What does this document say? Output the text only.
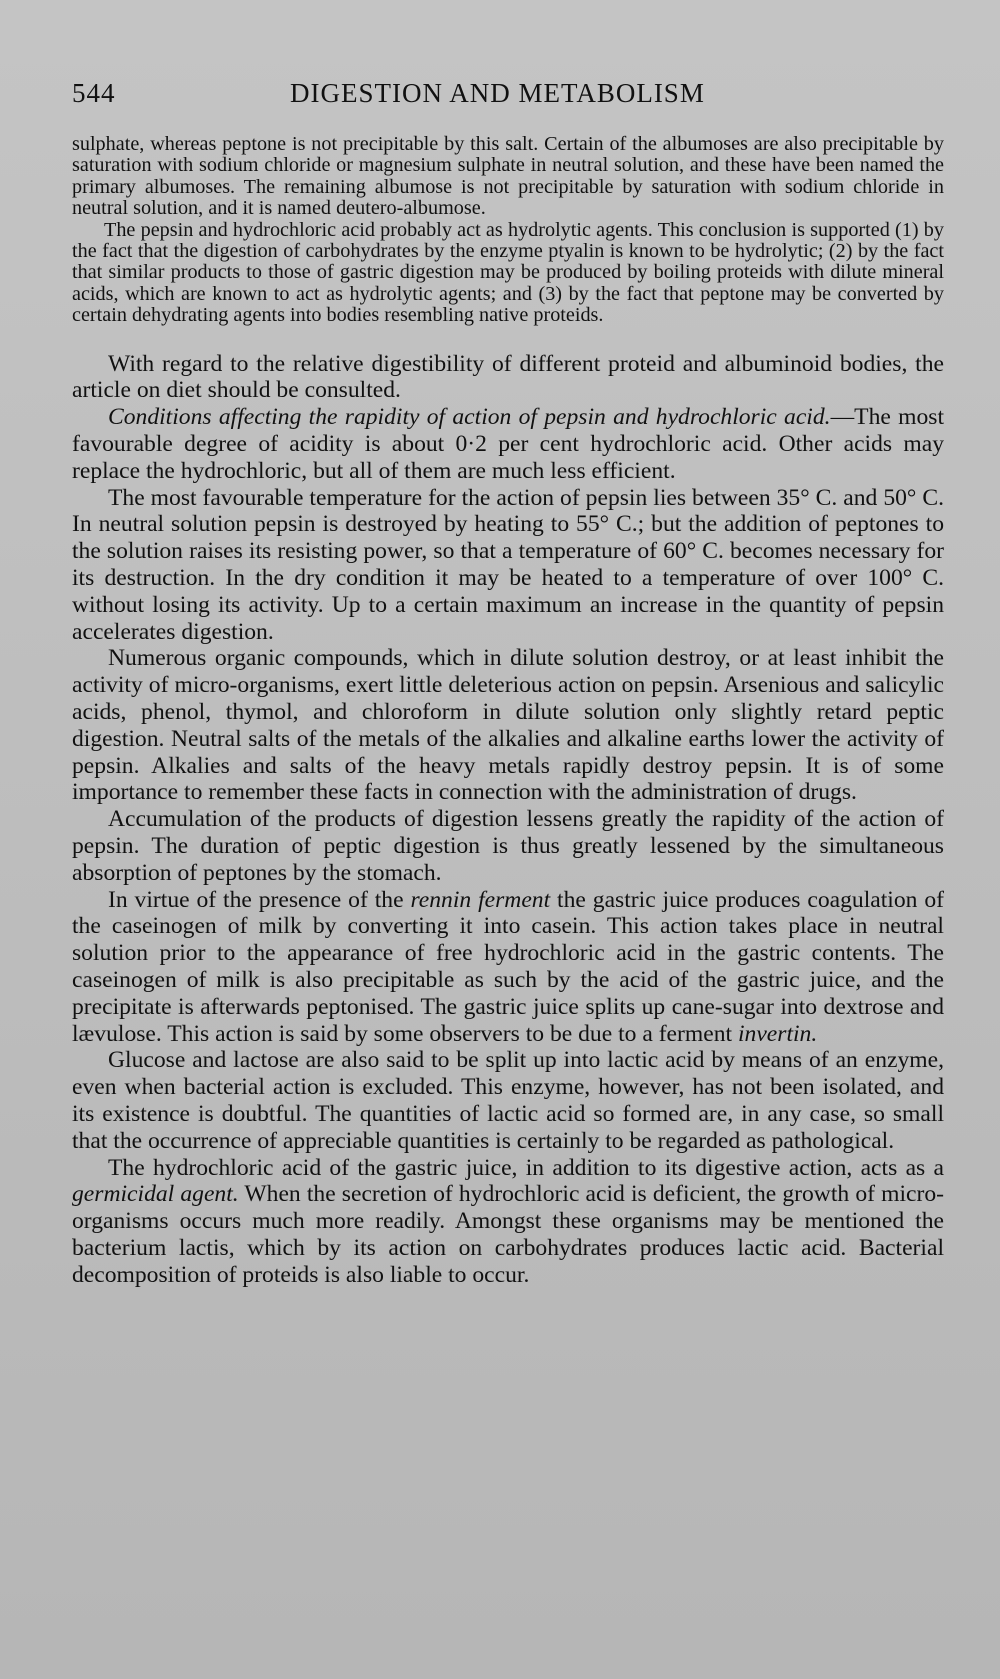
544	DIGESTION AND METABOLISM

sulphate, whereas peptone is not precipitable by this salt. Certain of the albumoses are also precipitable by saturation with sodium chloride or magnesium sulphate in neutral solution, and these have been named the primary albumoses. The remaining albumose is not precipitable by saturation with sodium chloride in neutral solution, and it is named deutero-albumose.

The pepsin and hydrochloric acid probably act as hydrolytic agents. This conclusion is supported (1) by the fact that the digestion of carbohydrates by the enzyme ptyalin is known to be hydrolytic; (2) by the fact that similar products to those of gastric digestion may be produced by boiling proteids with dilute mineral acids, which are known to act as hydrolytic agents; and (3) by the fact that peptone may be converted by certain dehydrating agents into bodies resembling native proteids.

With regard to the relative digestibility of different proteid and albuminoid bodies, the article on diet should be consulted.

Conditions affecting the rapidity of action of pepsin and hydrochloric acid.—The most favourable degree of acidity is about 0·2 per cent hydrochloric acid. Other acids may replace the hydrochloric, but all of them are much less efficient.

The most favourable temperature for the action of pepsin lies between 35° C. and 50° C. In neutral solution pepsin is destroyed by heating to 55° C.; but the addition of peptones to the solution raises its resisting power, so that a temperature of 60° C. becomes necessary for its destruction. In the dry condition it may be heated to a temperature of over 100° C. without losing its activity. Up to a certain maximum an increase in the quantity of pepsin accelerates digestion.

Numerous organic compounds, which in dilute solution destroy, or at least inhibit the activity of micro-organisms, exert little deleterious action on pepsin. Arsenious and salicylic acids, phenol, thymol, and chloroform in dilute solution only slightly retard peptic digestion. Neutral salts of the metals of the alkalies and alkaline earths lower the activity of pepsin. Alkalies and salts of the heavy metals rapidly destroy pepsin. It is of some importance to remember these facts in connection with the administration of drugs.

Accumulation of the products of digestion lessens greatly the rapidity of the action of pepsin. The duration of peptic digestion is thus greatly lessened by the simultaneous absorption of peptones by the stomach.

In virtue of the presence of the rennin ferment the gastric juice produces coagulation of the caseinogen of milk by converting it into casein. This action takes place in neutral solution prior to the appearance of free hydrochloric acid in the gastric contents. The caseinogen of milk is also precipitable as such by the acid of the gastric juice, and the precipitate is afterwards peptonised. The gastric juice splits up cane-sugar into dextrose and lævulose. This action is said by some observers to be due to a ferment invertin.

Glucose and lactose are also said to be split up into lactic acid by means of an enzyme, even when bacterial action is excluded. This enzyme, however, has not been isolated, and its existence is doubtful. The quantities of lactic acid so formed are, in any case, so small that the occurrence of appreciable quantities is certainly to be regarded as pathological.

The hydrochloric acid of the gastric juice, in addition to its digestive action, acts as a germicidal agent. When the secretion of hydrochloric acid is deficient, the growth of micro-organisms occurs much more readily. Amongst these organisms may be mentioned the bacterium lactis, which by its action on carbohydrates produces lactic acid. Bacterial decomposition of proteids is also liable to occur.
